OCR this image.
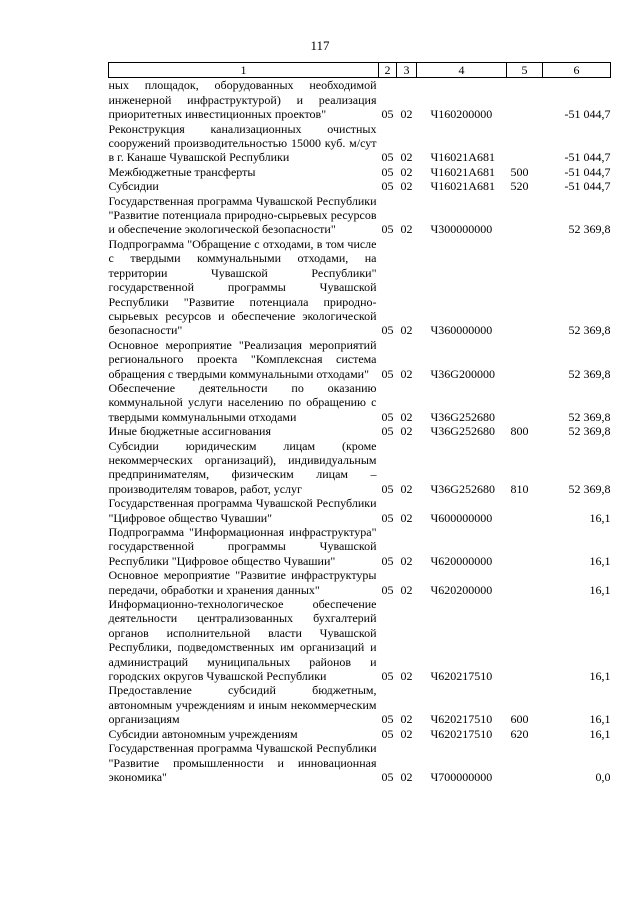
117
1	2	3	4	5	6
ных площадок, оборудованных необходимой инженерной инфраструктурой) и реализация приоритетных инвестиционных проектов"	05	02	Ч160200000		-51 044,7
Реконструкция канализационных очистных сооружений производительностью 15000 куб. м/сут в г. Канаше Чувашской Республики	05	02	Ч16021А681		-51 044,7
Межбюджетные трансферты	05	02	Ч16021А681	500	-51 044,7
Субсидии	05	02	Ч16021А681	520	-51 044,7
Государственная программа Чувашской Республики "Развитие потенциала природно-сырьевых ресурсов и обеспечение экологической безопасности"	05	02	Ч300000000		52 369,8
Подпрограмма "Обращение с отходами, в том числе с твердыми коммунальными отходами, на территории Чувашской Республики" государственной программы Чувашской Республики "Развитие потенциала природно-сырьевых ресурсов и обеспечение экологической безопасности"	05	02	Ч360000000		52 369,8
Основное мероприятие "Реализация мероприятий регионального проекта "Комплексная система обращения с твердыми коммунальными отходами"	05	02	Ч36G200000		52 369,8
Обеспечение деятельности по оказанию коммунальной услуги населению по обращению с твердыми коммунальными отходами	05	02	Ч36G252680		52 369,8
Иные бюджетные ассигнования	05	02	Ч36G252680	800	52 369,8
Субсидии юридическим лицам (кроме некоммерческих организаций), индивидуальным предпринимателям, физическим лицам – производителям товаров, работ, услуг	05	02	Ч36G252680	810	52 369,8
Государственная программа Чувашской Республики "Цифровое общество Чувашии"	05	02	Ч600000000		16,1
Подпрограмма "Информационная инфраструктура" государственной программы Чувашской Республики "Цифровое общество Чувашии"	05	02	Ч620000000		16,1
Основное мероприятие "Развитие инфраструктуры передачи, обработки и хранения данных"	05	02	Ч620200000		16,1
Информационно-технологическое обеспечение деятельности централизованных бухгалтерий органов исполнительной власти Чувашской Республики, подведомственных им организаций и администраций муниципальных районов и городских округов Чувашской Республики	05	02	Ч620217510		16,1
Предоставление субсидий бюджетным, автономным учреждениям и иным некоммерческим организациям	05	02	Ч620217510	600	16,1
Субсидии автономным учреждениям	05	02	Ч620217510	620	16,1
Государственная программа Чувашской Республики "Развитие промышленности и инновационная экономика"	05	02	Ч700000000		0,0
